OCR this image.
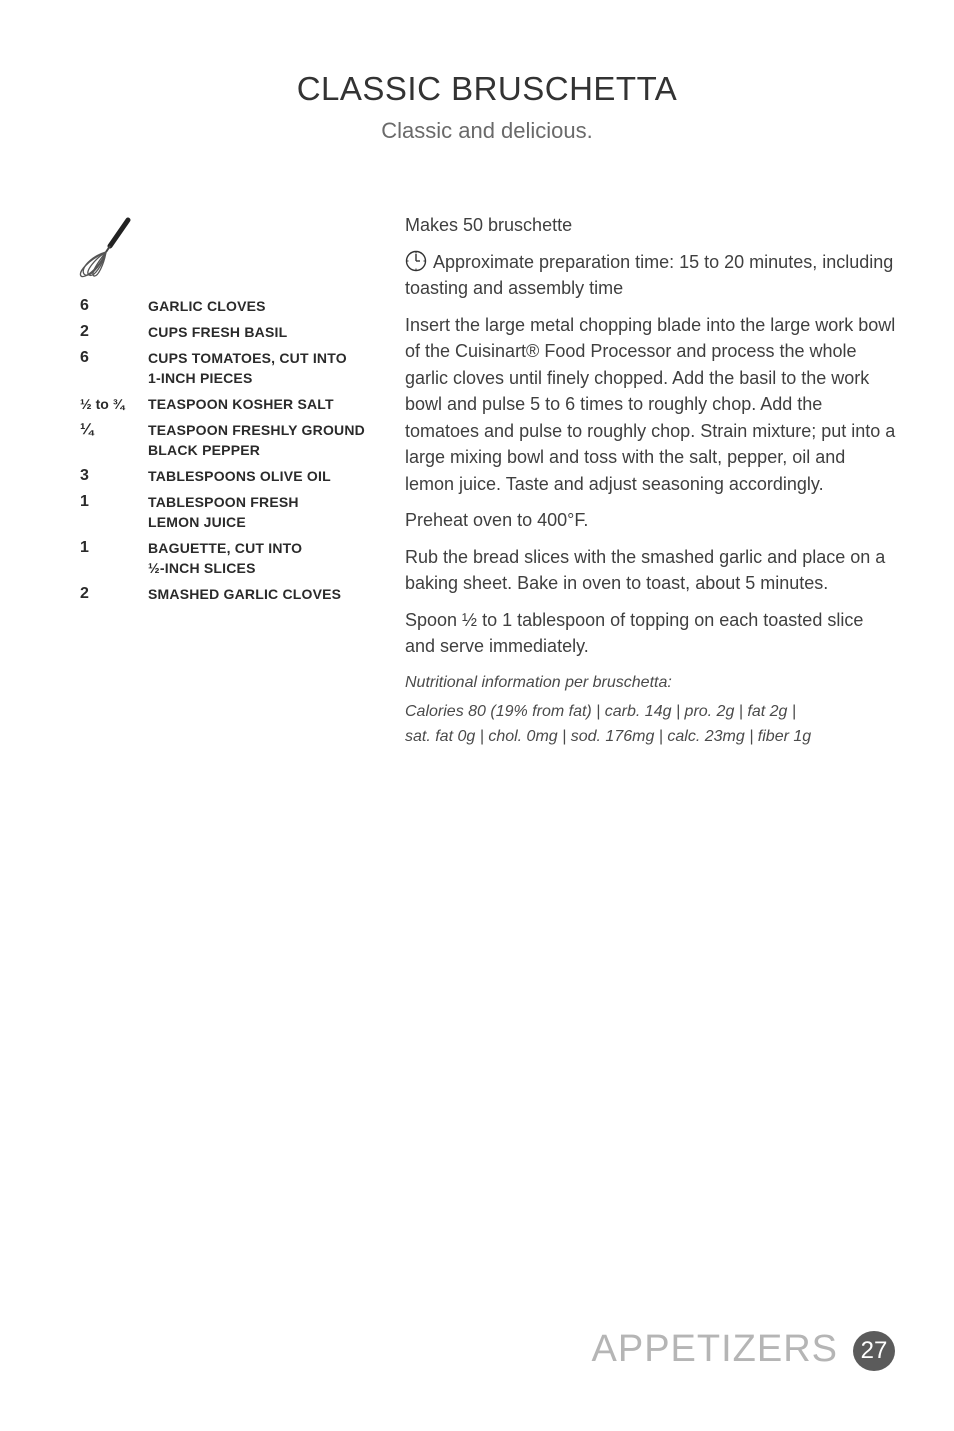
CLASSIC BRUSCHETTA
Classic and delicious.
6	GARLIC CLOVES
2	CUPS FRESH BASIL
6	CUPS TOMATOES, CUT INTO
1-INCH PIECES
½ to ¾	TEASPOON KOSHER SALT
¼	TEASPOON FRESHLY GROUND
BLACK PEPPER
3	TABLESPOONS OLIVE OIL
1	TABLESPOON FRESH
LEMON JUICE
1	BAGUETTE, CUT INTO
½-INCH SLICES
2	SMASHED GARLIC CLOVES

Makes 50 bruschette

Approximate preparation time: 15 to 20 minutes, including toasting and assembly time

Insert the large metal chopping blade into the large work bowl of the Cuisinart® Food Processor and process the whole garlic cloves until finely chopped. Add the basil to the work bowl and pulse 5 to 6 times to roughly chop. Add the tomatoes and pulse to roughly chop. Strain mixture; put into a large mixing bowl and toss with the salt, pepper, oil and lemon juice. Taste and adjust seasoning accordingly.

Preheat oven to 400°F.

Rub the bread slices with the smashed garlic and place on a baking sheet. Bake in oven to toast, about 5 minutes.

Spoon ½ to 1 tablespoon of topping on each toasted slice and serve immediately.

Nutritional information per bruschetta:

Calories 80 (19% from fat) | carb. 14g | pro. 2g | fat 2g |
sat. fat 0g | chol. 0mg | sod. 176mg | calc. 23mg | fiber 1g
APPETIZERS 27
